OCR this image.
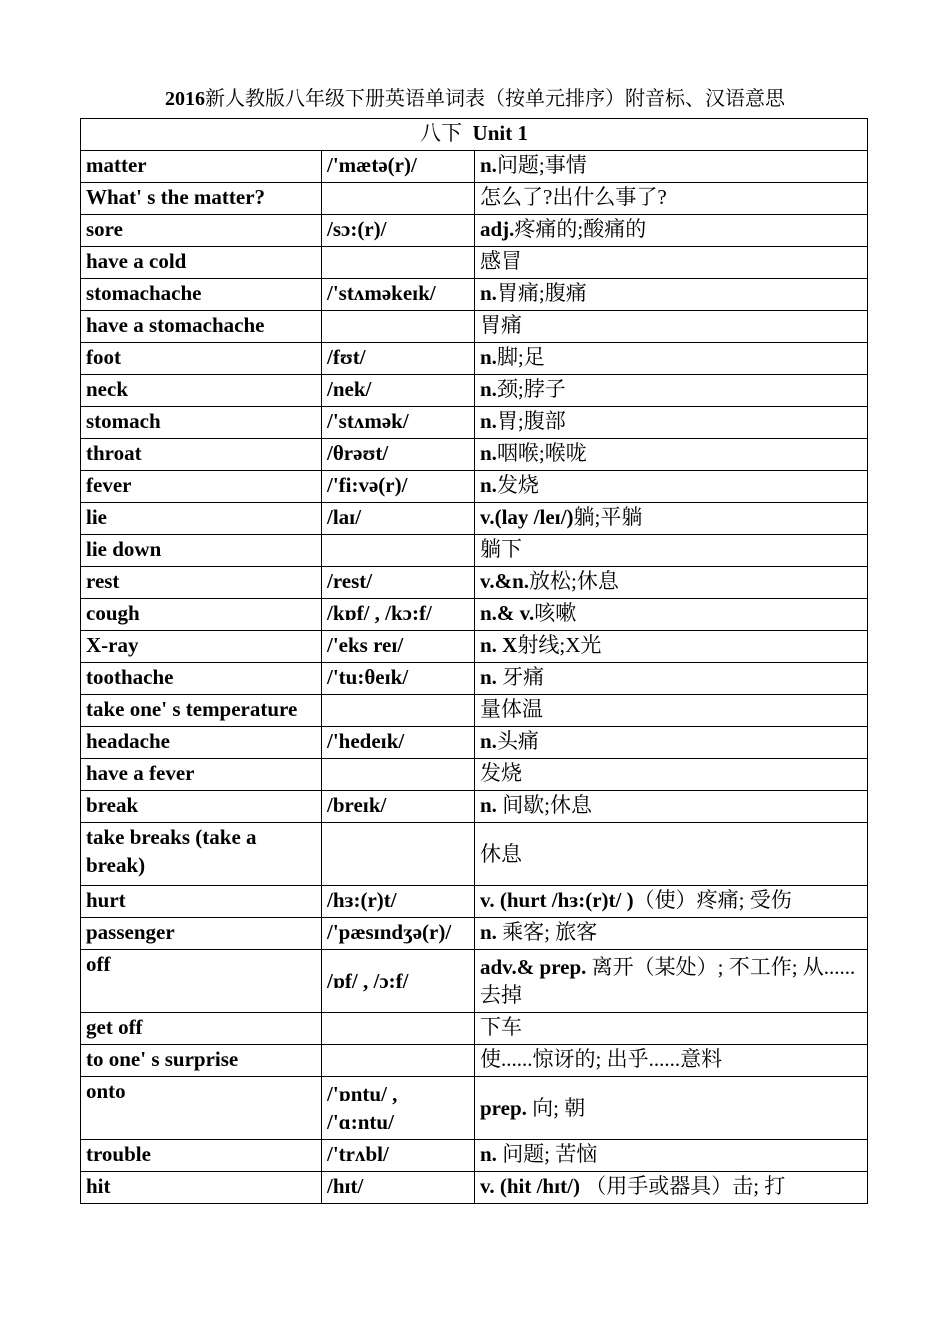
2016新人教版八年级下册英语单词表（按单元排序）附音标、汉语意思
八下 Unit 1		
matter	/'mætə(r)/	n.问题;事情
What' s the matter?		怎么了?出什么事了?
sore	/sɔ:(r)/	adj.疼痛的;酸痛的
have a cold		感冒
stomachache	/'stʌməkeɪk/	n.胃痛;腹痛
have a stomachache		胃痛
foot	/fʊt/	n.脚;足
neck	/nek/	n.颈;脖子
stomach	/'stʌmək/	n.胃;腹部
throat	/θrəʊt/	n.咽喉;喉咙
fever	/'fi:və(r)/	n.发烧
lie	/laɪ/	v.(lay /leɪ/)躺;平躺
lie down		躺下
rest	/rest/	v.&n.放松;休息
cough	/kɒf/ , /kɔ:f/	n.& v.咳嗽
X-ray	/'eks reɪ/	n. X射线;X光
toothache	/'tu:θeɪk/	n. 牙痛
take one' s temperature		量体温
headache	/'hedeɪk/	n.头痛
have a fever		发烧
break	/breɪk/	n. 间歇;休息
take breaks (take a break)		休息
hurt	/hɜ:(r)t/	v. (hurt /hɜ:(r)t/ )（使）疼痛; 受伤
passenger	/'pæsɪndʒə(r)/	n. 乘客; 旅客
off	/ɒf/ , /ɔ:f/	adv.& prep. 离开（某处）; 不工作; 从......去掉
get off		下车
to one' s surprise		使......惊讶的; 出乎......意料
onto	/'ɒntu/ , /'ɑ:ntu/	prep. 向; 朝
trouble	/'trʌbl/	n. 问题; 苦恼
hit	/hɪt/	v. (hit /hɪt/) （用手或器具）击; 打
